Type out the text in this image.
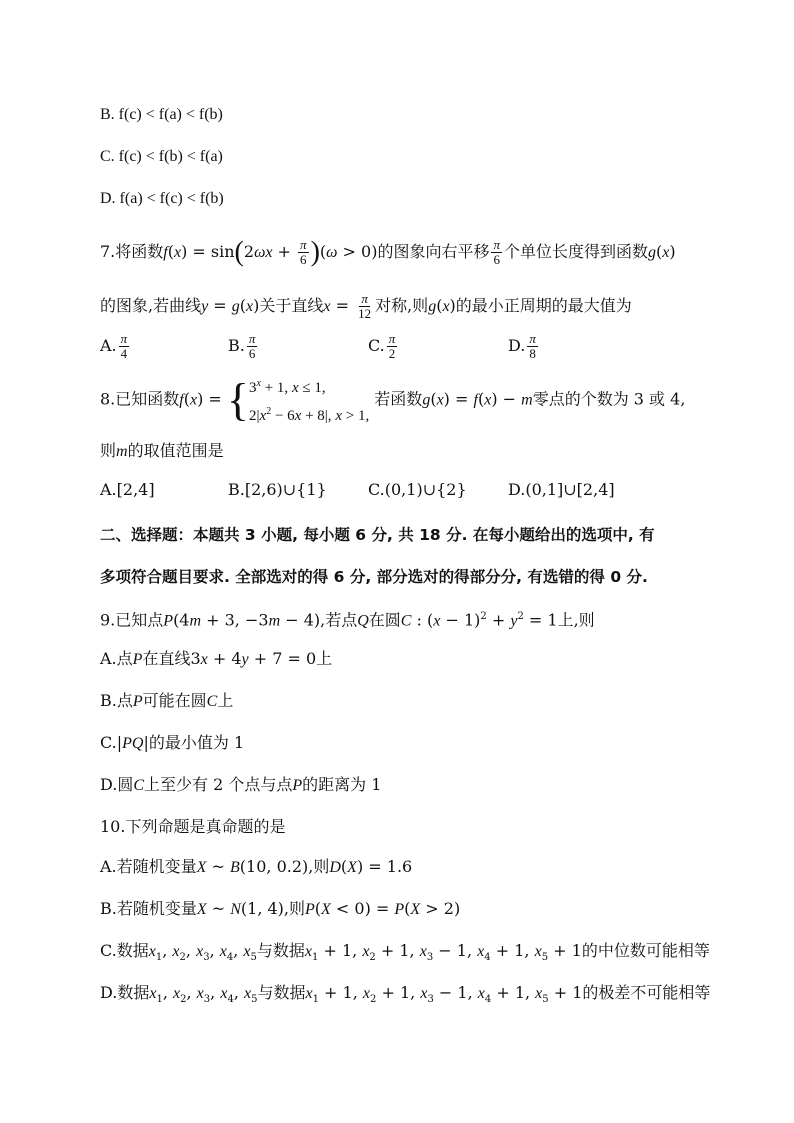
B. f(c) < f(a) < f(b)
C. f(c) < f(b) < f(a)
D. f(a) < f(c) < f(b)
7.将函数$f(x) = \sin(2\omega x + \frac{\pi}{6} )(\omega > 0)$的图象向右平移 $\frac{\pi}{6}$ 个单位长度得到函数g(x)
的图象,若曲线y = g(x)关于直线$x = \frac{\pi}{12}$ 对称,则g(x)的最小正周期的最大值为
A. $\frac{\pi}{4}$	B. $\frac{\pi}{6}$	C. $\frac{\pi}{2}$	D. $\frac{\pi}{8}$
8.已知函数f(x) = { $3^x + 1$, x ≤ 1,
$2|x^2 - 6x + 8|$, x > 1,
若函数g(x) = f(x) − m零点的个数为 3 或 4,
则m的取值范围是
A.[2,4]	B.[2,6)∪{1}	C.(0,1)∪{2}	D.(0,1]∪[2,4]
二、选择题：本题共 3 小题, 每小题 6 分, 共 18 分. 在每小题给出的选项中, 有
多项符合题目要求. 全部选对的得 6 分, 部分选对的得部分分, 有选错的得 0 分.
9.已知点P(4m + 3, −3m − 4),若点Q在圆C : $(x - 1)^2 + y^2 = 1$上,则
A.点P在直线3x + 4y + 7 = 0上
B.点P可能在圆C上
C.|PQ|的最小值为 1
D.圆C上至少有 2 个点与点P的距离为 1
10.下列命题是真命题的是
A.若随机变量X ~ B(10, 0.2),则D(X) = 1.6
B.若随机变量X ~ N(1, 4),则P(X < 0) = P(X > 2)
C.数据$x_1$, $x_2$, $x_3$, $x_4$, $x_5$与数据$x_1 + 1$, $x_2 + 1$, $x_3 - 1$, $x_4 + 1$, $x_5 + 1$的中位数可能相等
D.数据$x_1$, $x_2$, $x_3$, $x_4$, $x_5$与数据$x_1 + 1$, $x_2 + 1$, $x_3 - 1$, $x_4 + 1$, $x_5 + 1$的极差不可能相等
